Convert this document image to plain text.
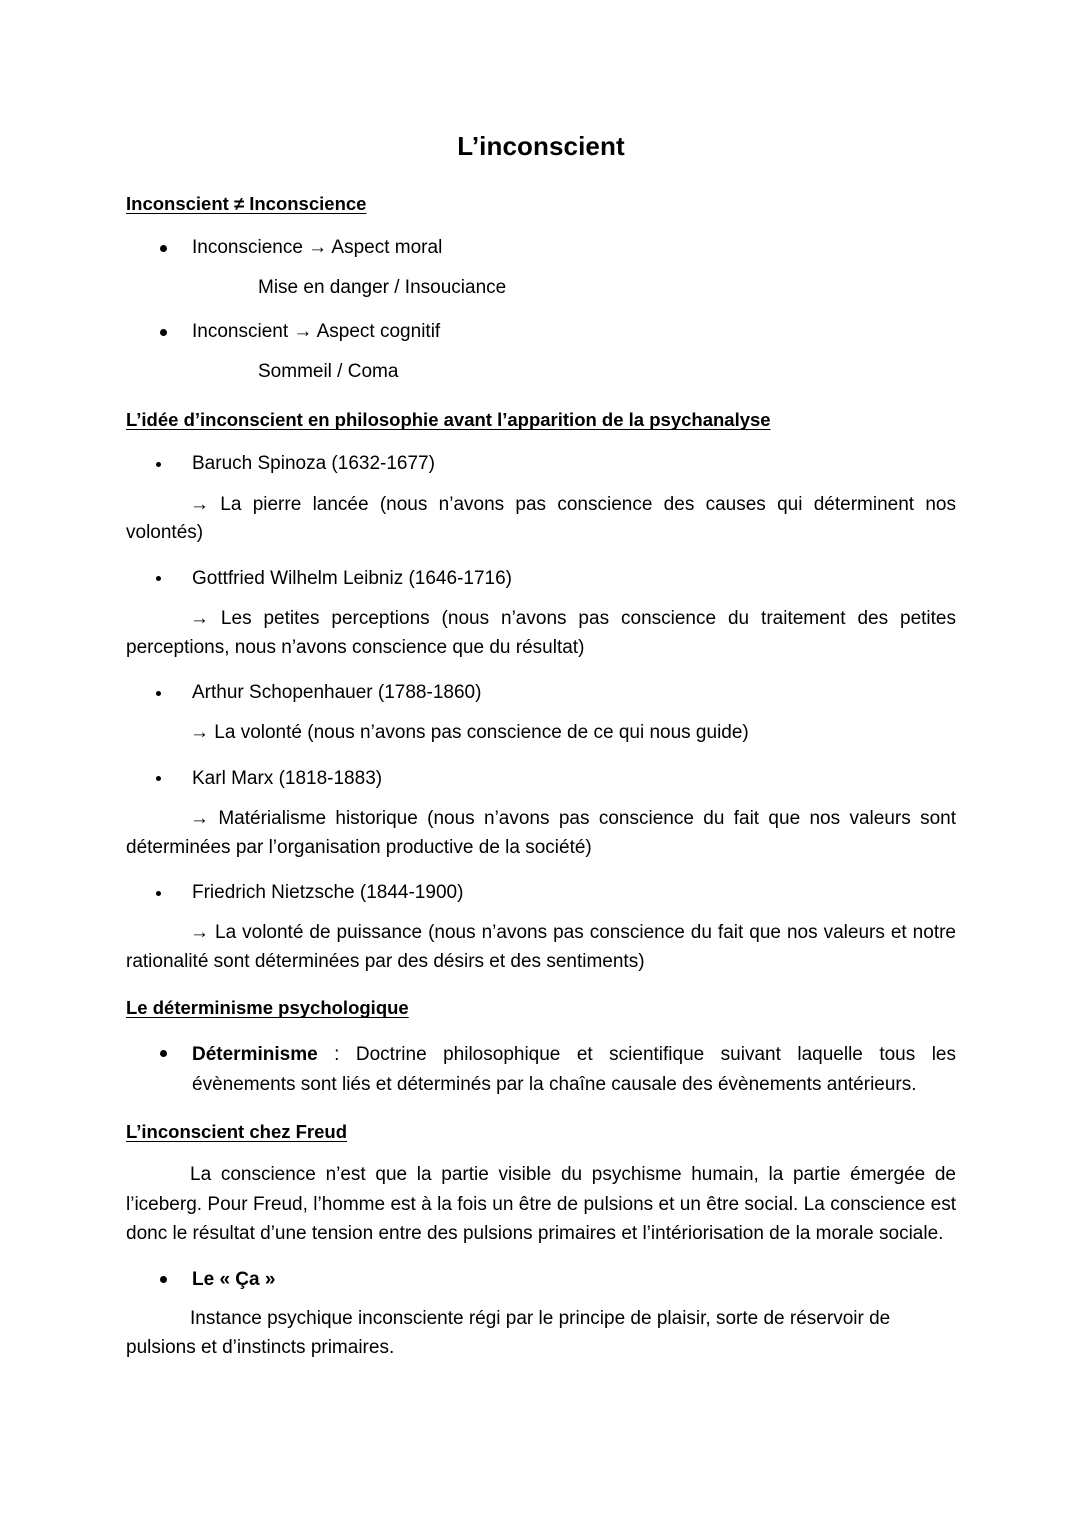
L’inconscient
Inconscient ≠ Inconscience
Inconscience → Aspect moral

Mise en danger / Insouciance

Inconscient → Aspect cognitif

Sommeil / Coma

L’idée d’inconscient en philosophie avant l’apparition de la psychanalyse
Baruch Spinoza (1632-1677)

→ La pierre lancée (nous n’avons pas conscience des causes qui déterminent nos volontés)

Gottfried Wilhelm Leibniz (1646-1716)

→ Les petites perceptions (nous n’avons pas conscience du traitement des petites perceptions, nous n’avons conscience que du résultat)

Arthur Schopenhauer (1788-1860)

→ La volonté (nous n’avons pas conscience de ce qui nous guide)

Karl Marx (1818-1883)

→ Matérialisme historique (nous n’avons pas conscience du fait que nos valeurs sont déterminées par l’organisation productive de la société)

Friedrich Nietzsche (1844-1900)

→ La volonté de puissance (nous n’avons pas conscience du fait que nos valeurs et notre rationalité sont déterminées par des désirs et des sentiments)

Le déterminisme psychologique
Déterminisme : Doctrine philosophique et scientifique suivant laquelle tous les évènements sont liés et déterminés par la chaîne causale des évènements antérieurs.
L’inconscient chez Freud

La conscience n’est que la partie visible du psychisme humain, la partie émergée de l’iceberg. Pour Freud, l’homme est à la fois un être de pulsions et un être social. La conscience est donc le résultat d’une tension entre des pulsions primaires et l’intériorisation de la morale sociale.

Le « Ça »

Instance psychique inconsciente régi par le principe de plaisir, sorte de réservoir de pulsions et d’instincts primaires.
